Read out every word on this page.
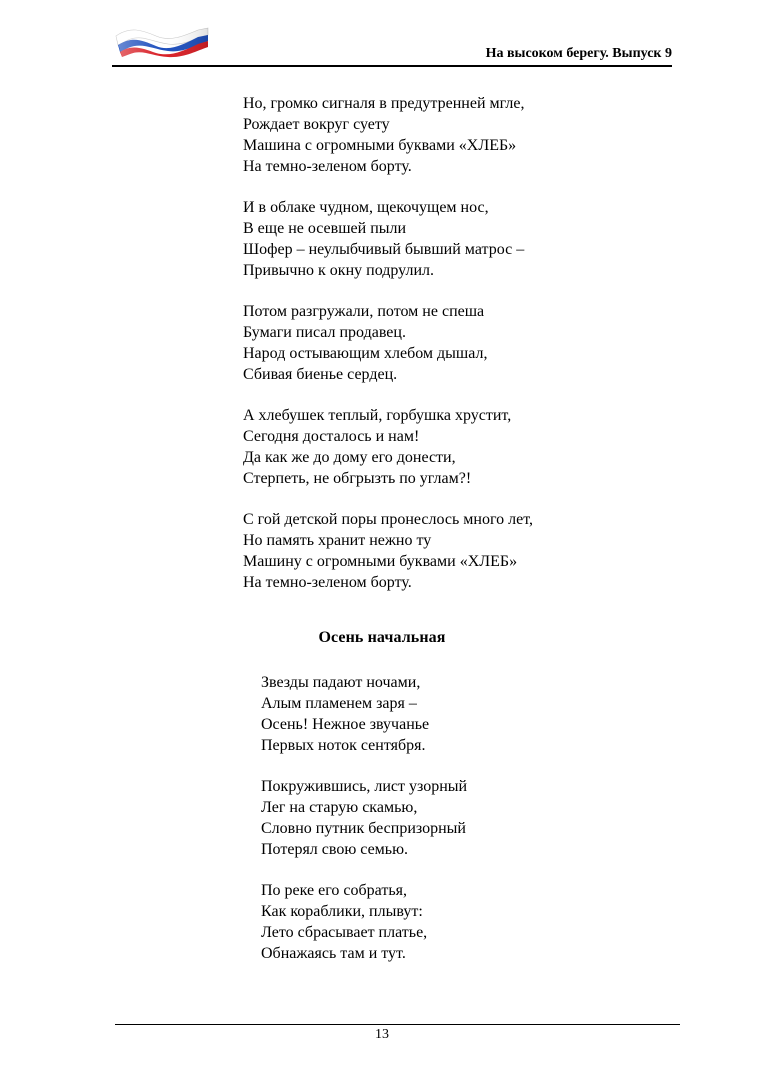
На высоком берегу. Выпуск 9
Но, громко сигналя в предутренней мгле,
Рождает вокруг суету
Машина с огромными буквами «ХЛЕБ»
На темно-зеленом борту.
И в облаке чудном, щекочущем нос,
В еще не осевшей пыли
Шофер – неулыбчивый бывший матрос –
Привычно к окну подрулил.
Потом разгружали, потом не спеша
Бумаги писал продавец.
Народ остывающим хлебом дышал,
Сбивая биенье сердец.
А хлебушек теплый, горбушка хрустит,
Сегодня досталось и нам!
Да как же до дому его донести,
Стерпеть, не обгрызть по углам?!
С гой детской поры пронеслось много лет,
Но память хранит нежно ту
Машину с огромными буквами «ХЛЕБ»
На темно-зеленом борту.
Осень начальная
Звезды падают ночами,
Алым пламенем заря –
Осень! Нежное звучанье
Первых ноток сентября.
Покружившись, лист узорный
Лег на старую скамью,
Словно путник беспризорный
Потерял свою семью.
По реке его собратья,
Как кораблики, плывут:
Лето сбрасывает платье,
Обнажаясь там и тут.
13
